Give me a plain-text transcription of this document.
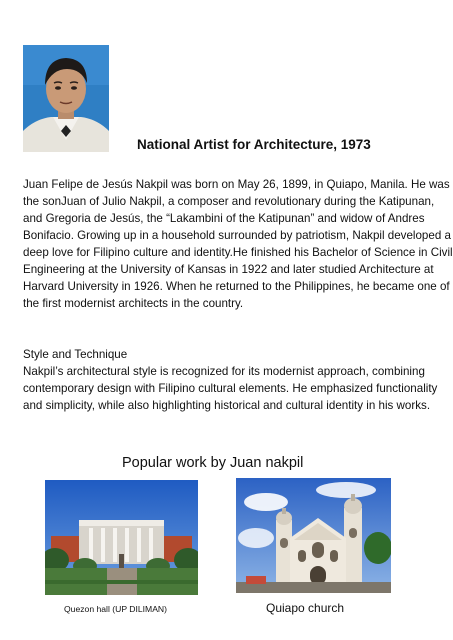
National Artist for Architecture, 1973
Juan Felipe de Jesús Nakpil was born on May 26, 1899, in Quiapo, Manila. He was the sonJuan of Julio Nakpil, a composer and revolutionary during the Katipunan, and Gregoria de Jesús, the “Lakambini of the Katipunan” and widow of Andres Bonifacio. Growing up in a household surrounded by patriotism, Nakpil developed a deep love for Filipino culture and identity.He finished his Bachelor of Science in Civil Engineering at the University of Kansas in 1922 and later studied Architecture at Harvard University in 1926. When he returned to the Philippines, he became one of the first modernist architects in the country.
Style and Technique
Nakpil’s architectural style is recognized for its modernist approach, combining contemporary design with Filipino cultural elements. He emphasized functionality and simplicity, while also highlighting historical and cultural identity in his works.
Popular work by Juan nakpil
Quezon hall (UP DILIMAN)	Quiapo church
